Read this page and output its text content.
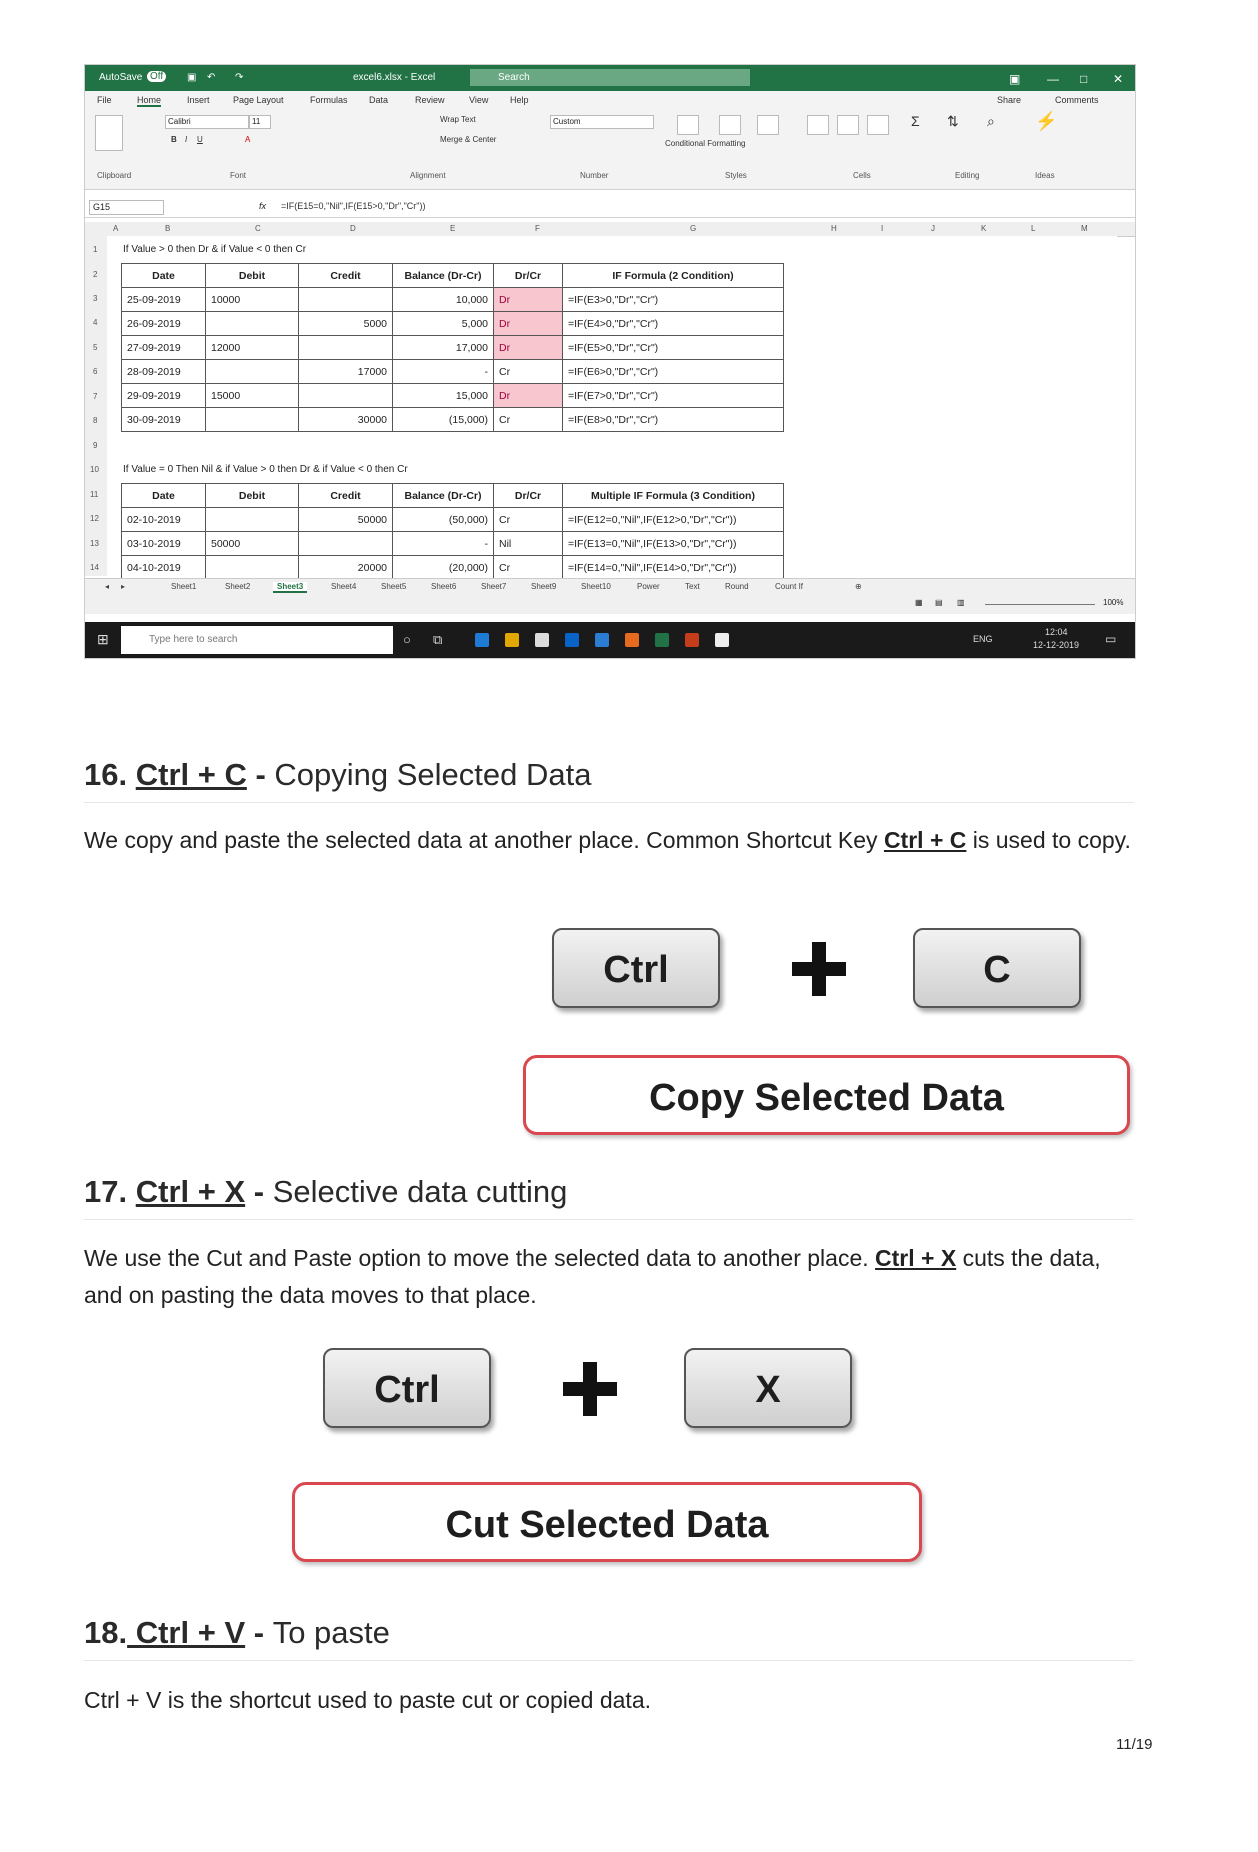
AutoSave Off	▣ ↶ ↷	excel6.xlsx - Excel	Search	▣ — □ ✕
File	Home	Insert	Page Layout	Formulas Data	Review	View Help	Share	Comments
Calibri	11
B I U	A
Wrap Text
Merge & Center
Custom
Conditional Formatting
Σ ⇅ ⌕ ⚡
Clipboard	Font	Alignment	Number	Styles	Cells	Editing	Ideas
G15	fx =IF(E15=0,"Nil",IF(E15>0,"Dr","Cr"))
A	B	C	D	E	F	G	H	I	J	K	L	M
1
2
3
4
5
6
7
8
9
10
11
12
13
14
If Value > 0 then Dr & if Value < 0 then Cr
Date	Debit	Credit	Balance (Dr-Cr)	Dr/Cr	IF Formula (2 Condition)
25-09-2019	10000		10,000	Dr	=IF(E3>0,"Dr","Cr")
26-09-2019		5000	5,000	Dr	=IF(E4>0,"Dr","Cr")
27-09-2019	12000		17,000	Dr	=IF(E5>0,"Dr","Cr")
28-09-2019		17000	-	Cr	=IF(E6>0,"Dr","Cr")
29-09-2019	15000		15,000	Dr	=IF(E7>0,"Dr","Cr")
30-09-2019		30000	(15,000)	Cr	=IF(E8>0,"Dr","Cr")
If Value = 0 Then Nil & if Value > 0 then Dr & if Value < 0 then Cr
Date	Debit	Credit	Balance (Dr-Cr)	Dr/Cr	Multiple IF Formula (3 Condition)
02-10-2019		50000	(50,000)	Cr	=IF(E12=0,"Nil",IF(E12>0,"Dr","Cr"))
03-10-2019	50000		-	Nil	=IF(E13=0,"Nil",IF(E13>0,"Dr","Cr"))
04-10-2019		20000	(20,000)	Cr	=IF(E14=0,"Nil",IF(E14>0,"Dr","Cr"))
◂ ▸	Sheet1	Sheet2	Sheet3	Sheet4	Sheet5	Sheet6	Sheet7	Sheet9	Sheet10	Power	Text	Round	Count If	⊕
▦ ▤ ▥	100%
⊞	Type here to search	○ ⧉	ENG
12:04
12-12-2019 ▭
16. Ctrl + C - Copying Selected Data
We copy and paste the selected data at another place. Common Shortcut Key Ctrl + C is used to copy.
Ctrl	C
Copy Selected Data
17. Ctrl + X - Selective data cutting
We use the Cut and Paste option to move the selected data to another place. Ctrl + X cuts the data, and on pasting the data moves to that place.
Ctrl	X
Cut Selected Data
18. Ctrl + V - To paste
Ctrl + V is the shortcut used to paste cut or copied data.
11/19
